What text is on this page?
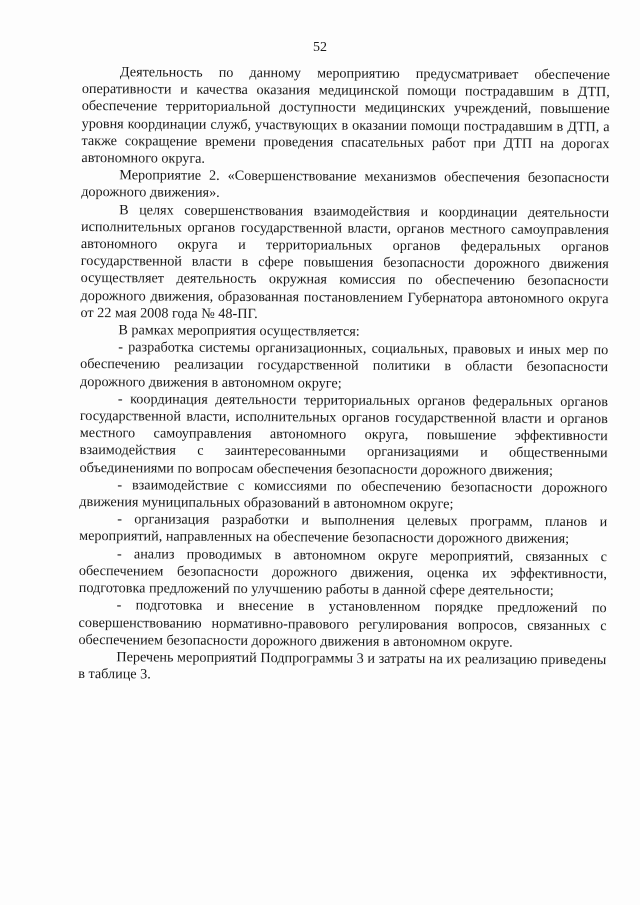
52

Деятельность по данному мероприятию предусматривает обеспечение оперативности и качества оказания медицинской помощи пострадавшим в ДТП, обеспечение территориальной доступности медицинских учреждений, повышение уровня координации служб, участвующих в оказании помощи пострадавшим в ДТП, а также сокращение времени проведения спасательных работ при ДТП на дорогах автономного округа.

Мероприятие 2. «Совершенствование механизмов обеспечения безопасности дорожного движения».

В целях совершенствования взаимодействия и координации деятельности исполнительных органов государственной власти, органов местного самоуправления автономного округа и территориальных органов федеральных органов государственной власти в сфере повышения безопасности дорожного движения осуществляет деятельность окружная комиссия по обеспечению безопасности дорожного движения, образованная постановлением Губернатора автономного округа от 22 мая 2008 года № 48-ПГ.

В рамках мероприятия осуществляется:

- разработка системы организационных, социальных, правовых и иных мер по обеспечению реализации государственной политики в области безопасности дорожного движения в автономном округе;

- координация деятельности территориальных органов федеральных органов государственной власти, исполнительных органов государственной власти и органов местного самоуправления автономного округа, повышение эффективности взаимодействия с заинтересованными организациями и общественными объединениями по вопросам обеспечения безопасности дорожного движения;

- взаимодействие с комиссиями по обеспечению безопасности дорожного движения муниципальных образований в автономном округе;

- организация разработки и выполнения целевых программ, планов и мероприятий, направленных на обеспечение безопасности дорожного движения;

- анализ проводимых в автономном округе мероприятий, связанных с обеспечением безопасности дорожного движения, оценка их эффективности, подготовка предложений по улучшению работы в данной сфере деятельности;

- подготовка и внесение в установленном порядке предложений по совершенствованию нормативно-правового регулирования вопросов, связанных с обеспечением безопасности дорожного движения в автономном округе.

Перечень мероприятий Подпрограммы 3 и затраты на их реализацию приведены в таблице 3.
